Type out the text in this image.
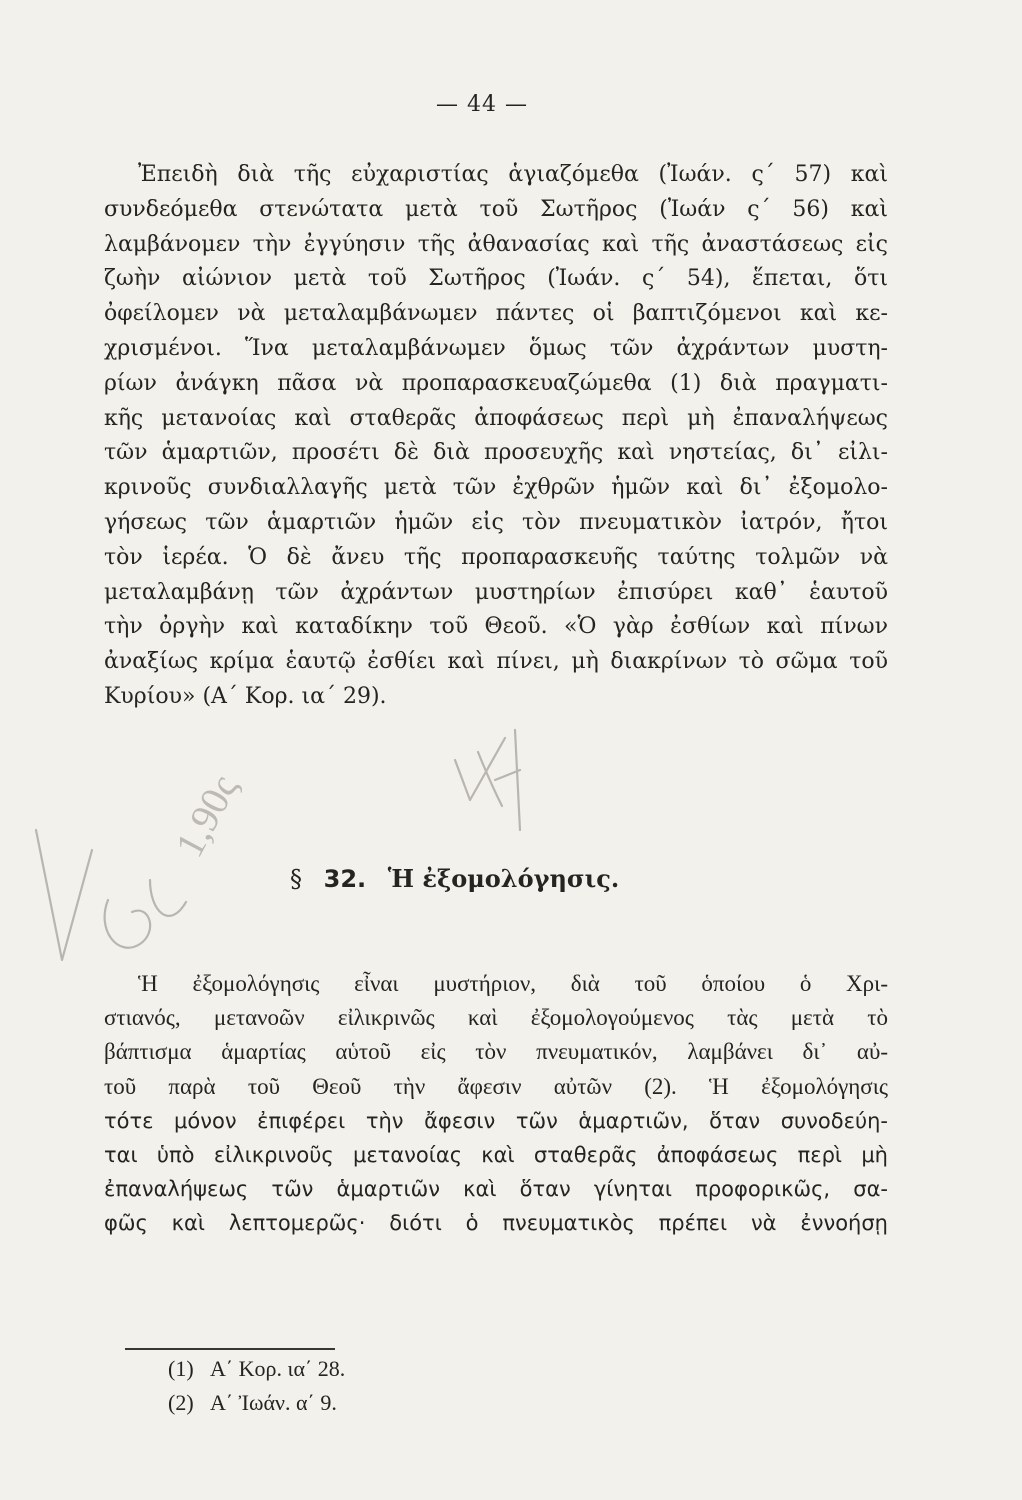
— 44 —
Ἐπειδὴ διὰ τῆς εὐχαριστίας ἁγιαζόμεθα (Ἰωάν. ς΄ 57) καὶ
συνδεόμεθα στενώτατα μετὰ τοῦ Σωτῆρος (Ἰωάν ς΄ 56) καὶ
λαμβάνομεν τὴν ἐγγύησιν τῆς ἀθανασίας καὶ τῆς ἀναστάσεως εἰς
ζωὴν αἰώνιον μετὰ τοῦ Σωτῆρος (Ἰωάν. ς΄ 54), ἕπεται, ὅτι
ὀφείλομεν νὰ μεταλαμβάνωμεν πάντες οἱ βαπτιζόμενοι καὶ κε-
χρισμένοι. Ἵνα μεταλαμβάνωμεν ὅμως τῶν ἀχράντων μυστη-
ρίων ἀνάγκη πᾶσα νὰ προπαρασκευαζώμεθα (1) διὰ πραγματι-
κῆς μετανοίας καὶ σταθερᾶς ἀποφάσεως περὶ μὴ ἐπαναλήψεως
τῶν ἁμαρτιῶν, προσέτι δὲ διὰ προσευχῆς καὶ νηστείας, δι᾽ εἰλι-
κρινοῦς συνδιαλλαγῆς μετὰ τῶν ἐχθρῶν ἡμῶν καὶ δι᾽ ἐξομολο-
γήσεως τῶν ἁμαρτιῶν ἡμῶν εἰς τὸν πνευματικὸν ἰατρόν, ἤτοι
τὸν ἱερέα. Ὁ δὲ ἄνευ τῆς προπαρασκευῆς ταύτης τολμῶν νὰ
μεταλαμβάνῃ τῶν ἀχράντων μυστηρίων ἐπισύρει καθ᾽ ἑαυτοῦ
τὴν ὀργὴν καὶ καταδίκην τοῦ Θεοῦ. «Ὁ γὰρ ἐσθίων καὶ πίνων
ἀναξίως κρίμα ἑαυτῷ ἐσθίει καὶ πίνει, μὴ διακρίνων τὸ σῶμα τοῦ
Κυρίου» (Α΄ Κορ. ια΄ 29).
§ 32. Ἡ ἐξομολόγησις.
Ἡ ἐξομολόγησις εἶναι μυστήριον, διὰ τοῦ ὁποίου ὁ Χρι-
στιανός, μετανοῶν εἰλικρινῶς καὶ ἐξομολογούμενος τὰς μετὰ τὸ
βάπτισμα ἁμαρτίας αὑτοῦ εἰς τὸν πνευματικόν, λαμβάνει δι᾽ αὐ-
τοῦ παρὰ τοῦ Θεοῦ τὴν ἄφεσιν αὐτῶν (2). Ἡ ἐξομολόγησις
τότε μόνον ἐπιφέρει τὴν ἄφεσιν τῶν ἁμαρτιῶν, ὅταν συνοδεύη-
ται ὑπὸ εἰλικρινοῦς μετανοίας καὶ σταθερᾶς ἀποφάσεως περὶ μὴ
ἐπαναλήψεως τῶν ἁμαρτιῶν καὶ ὅταν γίνηται προφορικῶς, σα-
φῶς καὶ λεπτομερῶς· διότι ὁ πνευματικὸς πρέπει νὰ ἐννοήσῃ
(1) Α΄ Κορ. ια΄ 28.
(2) Α΄ Ἰωάν. α΄ 9.
1,90ς
